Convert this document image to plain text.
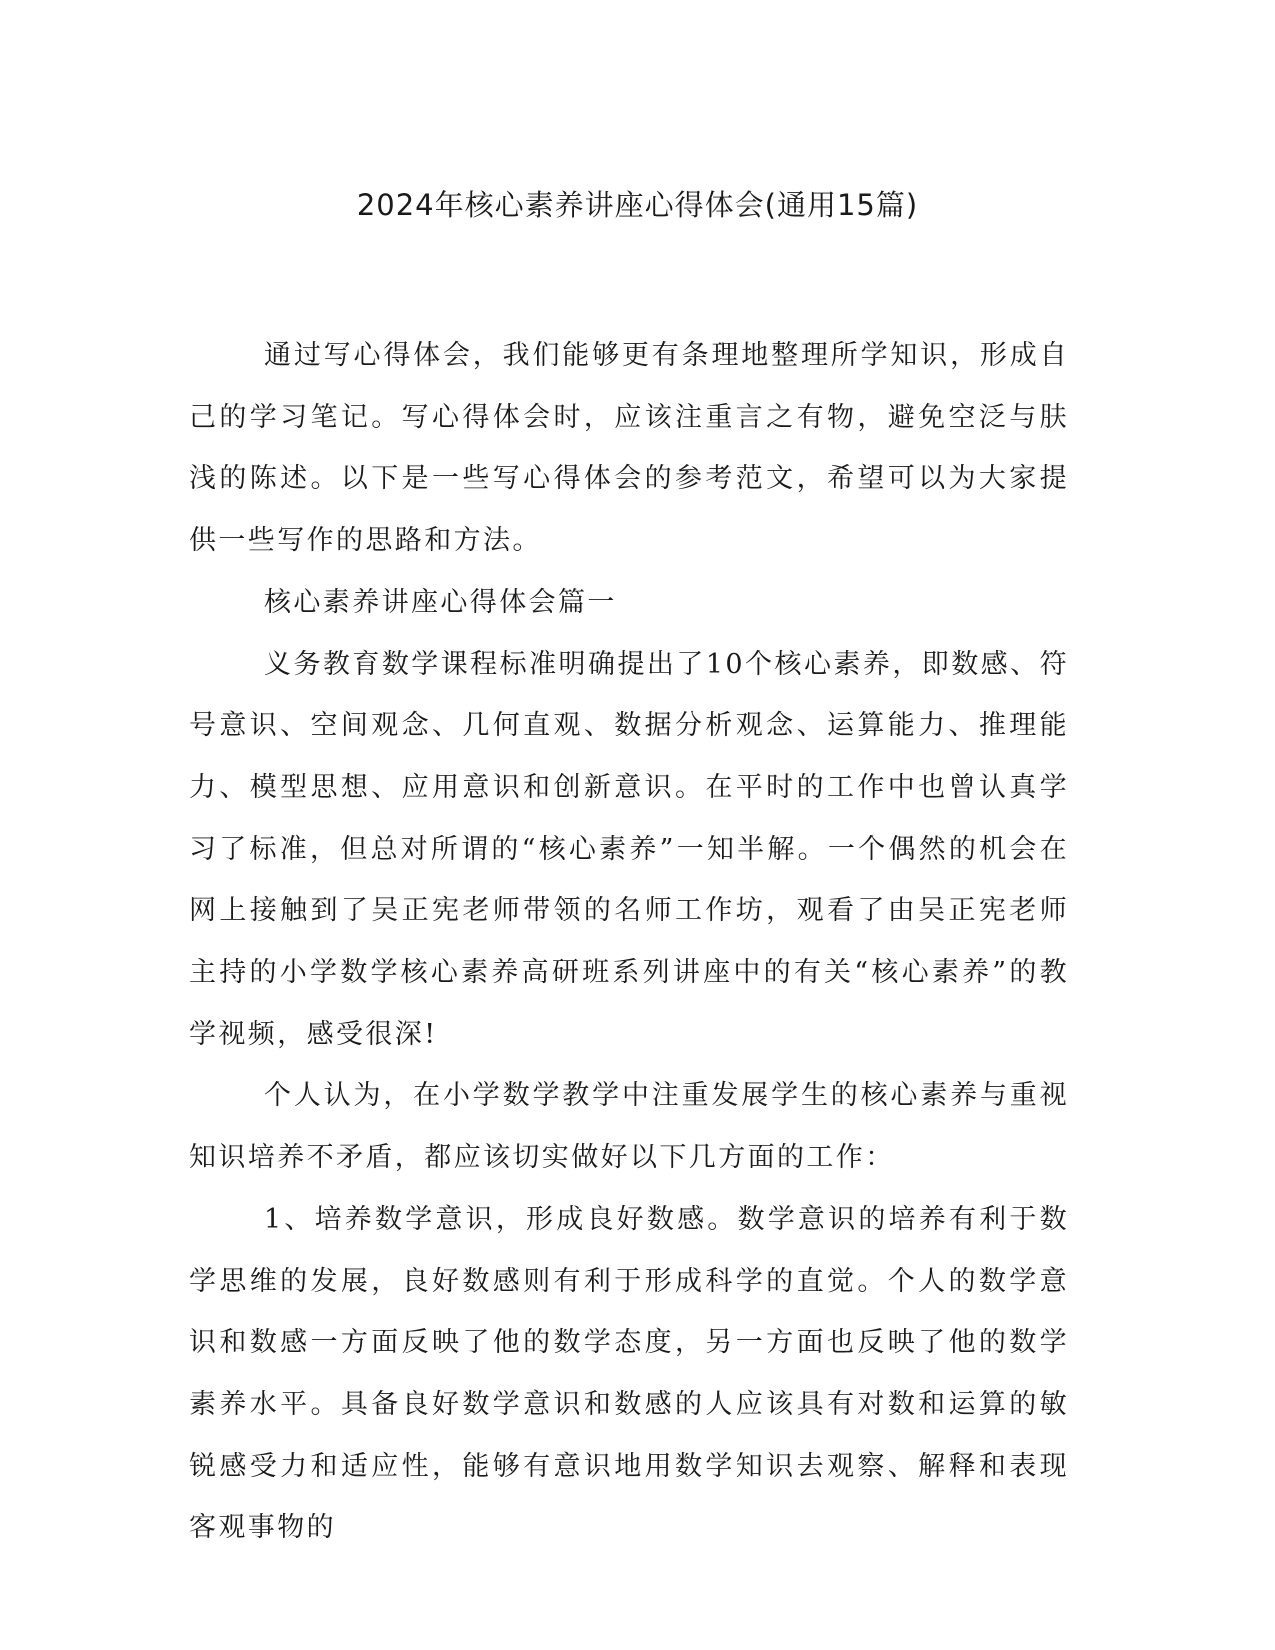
2024年核心素养讲座心得体会(通用15篇)

通过写心得体会，我们能够更有条理地整理所学知识，形成自己的学习笔记。写心得体会时，应该注重言之有物，避免空泛与肤浅的陈述。以下是一些写心得体会的参考范文，希望可以为大家提供一些写作的思路和方法。

核心素养讲座心得体会篇一

义务教育数学课程标准明确提出了10个核心素养，即数感、符号意识、空间观念、几何直观、数据分析观念、运算能力、推理能力、模型思想、应用意识和创新意识。在平时的工作中也曾认真学习了标准，但总对所谓的“核心素养”一知半解。一个偶然的机会在网上接触到了吴正宪老师带领的名师工作坊，观看了由吴正宪老师主持的小学数学核心素养高研班系列讲座中的有关“核心素养”的教学视频，感受很深!

个人认为，在小学数学教学中注重发展学生的核心素养与重视知识培养不矛盾，都应该切实做好以下几方面的工作：

1、培养数学意识，形成良好数感。数学意识的培养有利于数学思维的发展，良好数感则有利于形成科学的直觉。个人的数学意识和数感一方面反映了他的数学态度，另一方面也反映了他的数学素养水平。具备良好数学意识和数感的人应该具有对数和运算的敏锐感受力和适应性，能够有意识地用数学知识去观察、解释和表现客观事物的
